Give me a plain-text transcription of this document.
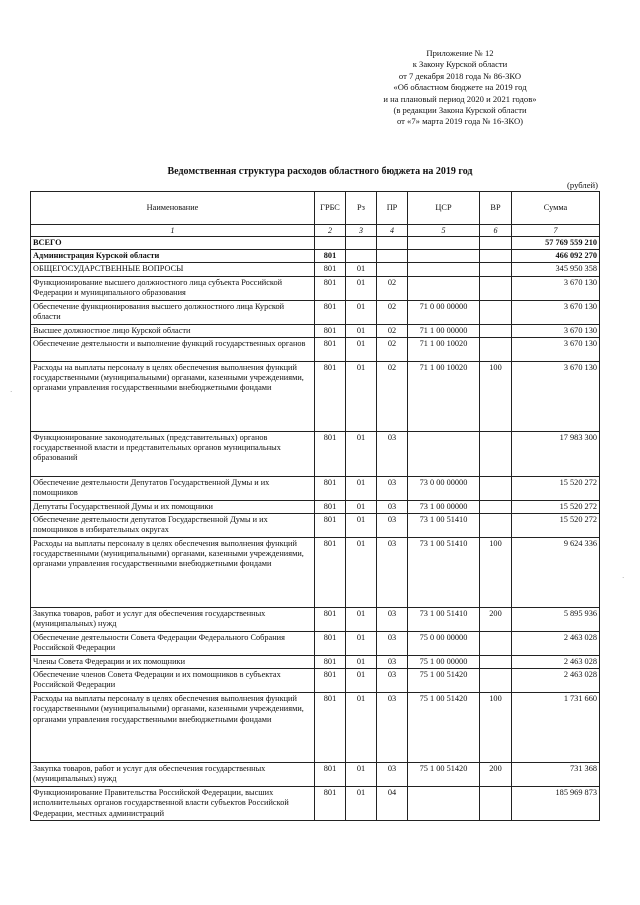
Приложение № 12
к Закону Курской области
от 7 декабря 2018 года № 86-ЗКО
«Об областном бюджете на 2019 год
и на плановый период 2020 и 2021 годов»
(в редакции Закона Курской области
от «7» марта 2019 года № 16-ЗКО)
Ведомственная структура расходов областного бюджета на 2019 год
(рублей)
Наименование	ГРБС	Рз	ПР	ЦСР	ВР	Сумма
1	2	3	4	5	6	7
ВСЕГО						57 769 559 210
Администрация Курской области	801					466 092 270
ОБЩЕГОСУДАРСТВЕННЫЕ ВОПРОСЫ	801	01				345 950 358
Функционирование высшего должностного лица субъекта Российской Федерации и муниципального образования	801	01	02			3 670 130
Обеспечение функционирования высшего должностного лица Курской области	801	01	02	71 0 00 00000		3 670 130
Высшее должностное лицо Курской области	801	01	02	71 1 00 00000		3 670 130
Обеспечение деятельности и выполнение функций государственных органов	801	01	02	71 1 00 10020		3 670 130
Расходы на выплаты персоналу в целях обеспечения выполнения функций государственными (муниципальными) органами, казенными учреждениями, органами управления государственными внебюджетными фондами	801	01	02	71 1 00 10020	100	3 670 130
Функционирование законодательных (представительных) органов государственной власти и представительных органов муниципальных образований	801	01	03			17 983 300
Обеспечение деятельности Депутатов Государственной Думы и их помощников	801	01	03	73 0 00 00000		15 520 272
Депутаты Государственной Думы и их помощники	801	01	03	73 1 00 00000		15 520 272
Обеспечение деятельности депутатов Государственной Думы и их помощников в избирательных округах	801	01	03	73 1 00 51410		15 520 272
Расходы на выплаты персоналу в целях обеспечения выполнения функций государственными (муниципальными) органами, казенными учреждениями, органами управления государственными внебюджетными фондами	801	01	03	73 1 00 51410	100	9 624 336
Закупка товаров, работ и услуг для обеспечения государственных (муниципальных) нужд	801	01	03	73 1 00 51410	200	5 895 936
Обеспечение деятельности Совета Федерации Федерального Собрания Российской Федерации	801	01	03	75 0 00 00000		2 463 028
Члены Совета Федерации и их помощники	801	01	03	75 1 00 00000		2 463 028
Обеспечение членов Совета Федерации и их помощников в субъектах Российской Федерации	801	01	03	75 1 00 51420		2 463 028
Расходы на выплаты персоналу в целях обеспечения выполнения функций государственными (муниципальными) органами, казенными учреждениями, органами управления государственными внебюджетными фондами	801	01	03	75 1 00 51420	100	1 731 660
Закупка товаров, работ и услуг для обеспечения государственных (муниципальных) нужд	801	01	03	75 1 00 51420	200	731 368
Функционирование Правительства Российской Федерации, высших исполнительных органов государственной власти субъектов Российской Федерации, местных администраций	801	01	04			185 969 873
·
·
